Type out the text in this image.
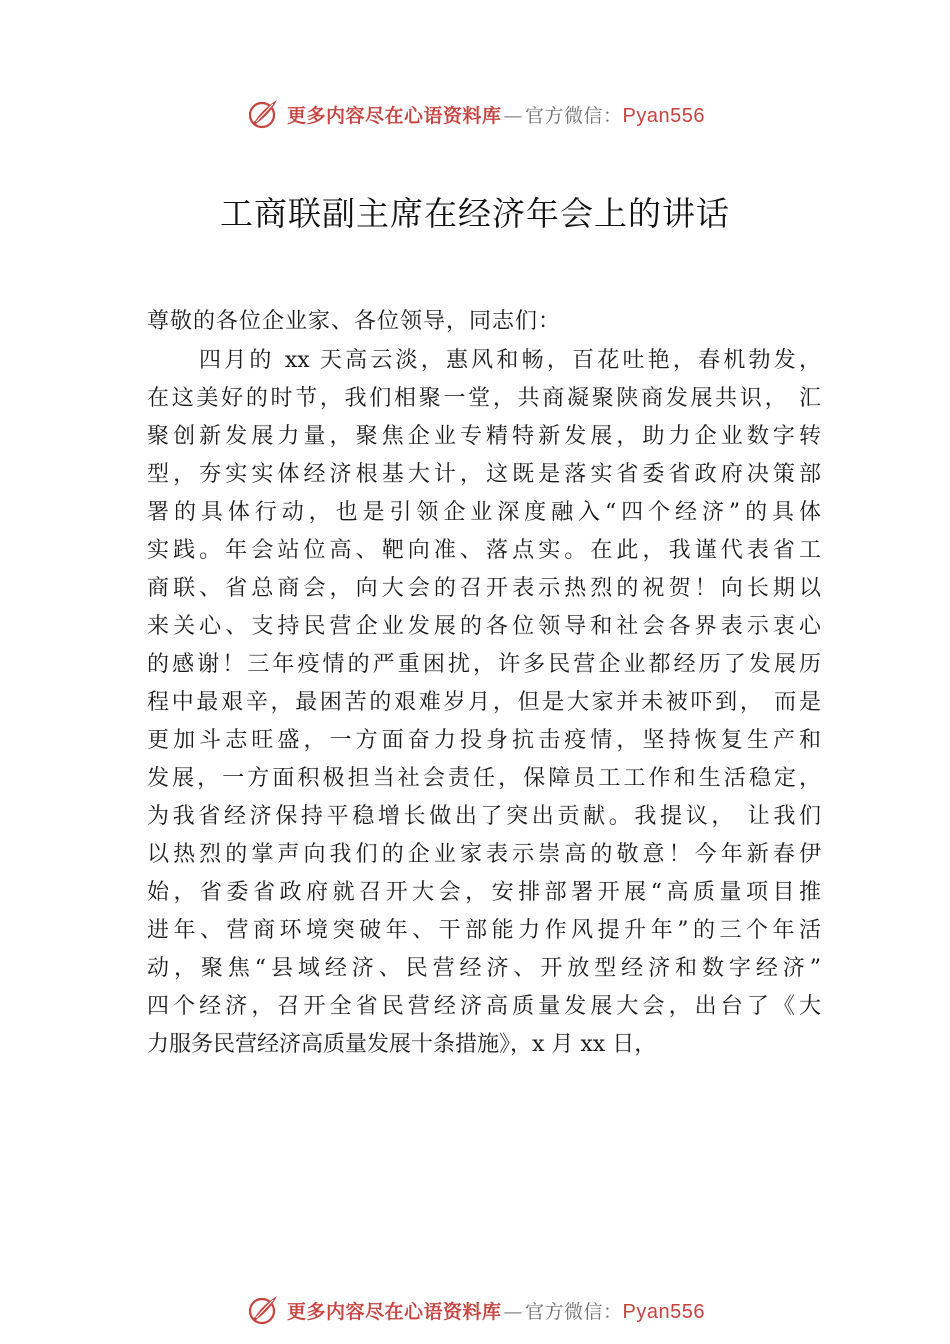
更多内容尽在心语资料库 — 官方微信：Pyan556
工商联副主席在经济年会上的讲话

尊敬的各位企业家、各位领导，同志们：

四月的 xx 天高云淡，惠风和畅，百花吐艳，春机勃发，
在这美好的时节，我们相聚一堂，共商凝聚陕商发展共识， 汇
聚创新发展力量，聚焦企业专精特新发展，助力企业数字转
型，夯实实体经济根基大计，这既是落实省委省政府决策部
署的具体行动，也是引领企业深度融入“四个经济”的具体
实践。年会站位高、靶向准、落点实。在此，我谨代表省工
商联、省总商会，向大会的召开表示热烈的祝贺！向长期以
来关心、支持民营企业发展的各位领导和社会各界表示衷心
的感谢！三年疫情的严重困扰，许多民营企业都经历了发展历
程中最艰辛，最困苦的艰难岁月，但是大家并未被吓到， 而是
更加斗志旺盛，一方面奋力投身抗击疫情，坚持恢复生产和
发展，一方面积极担当社会责任，保障员工工作和生活稳定，
为我省经济保持平稳增长做出了突出贡献。我提议， 让我们
以热烈的掌声向我们的企业家表示崇高的敬意！今年新春伊
始，省委省政府就召开大会，安排部署开展“高质量项目推
进年、营商环境突破年、干部能力作风提升年”的三个年活
动，聚焦“县域经济、民营经济、开放型经济和数字经济”
四个经济，召开全省民营经济高质量发展大会，出台了《大
力服务民营经济高质量发展十条措施》，x 月 xx 日，
更多内容尽在心语资料库 — 官方微信：Pyan556
